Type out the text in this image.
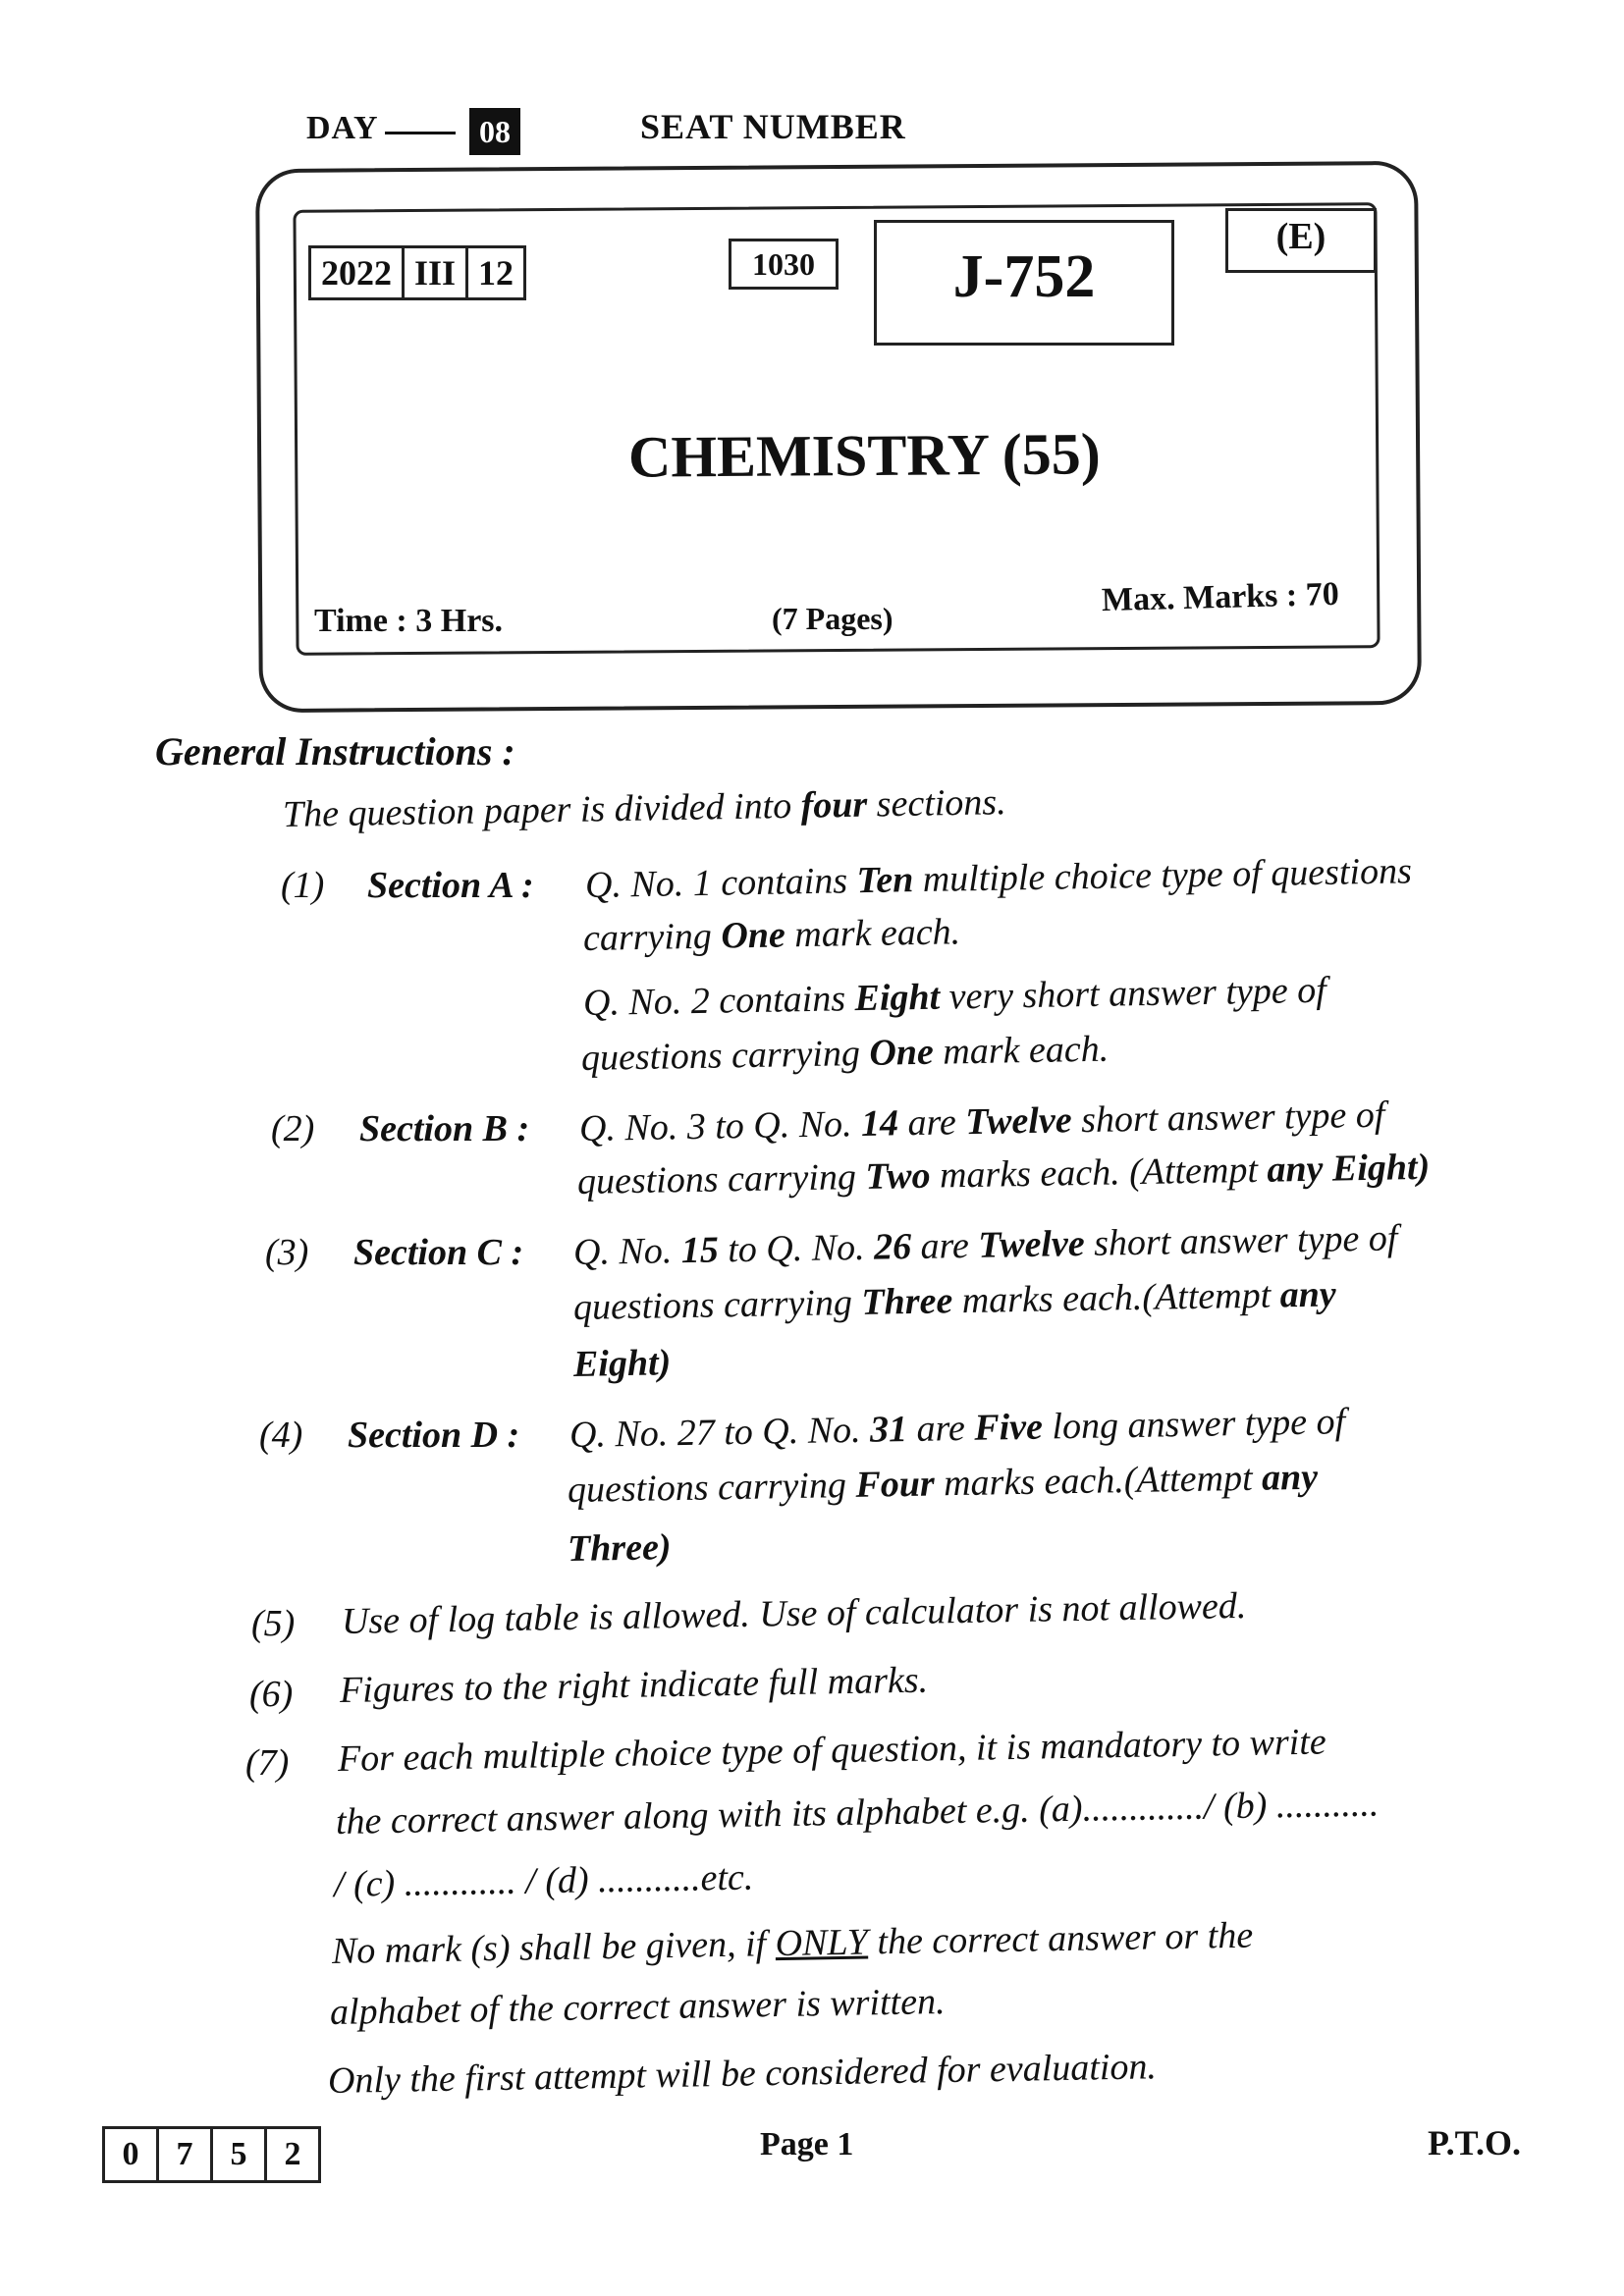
DAY	08	SEAT NUMBER
2022 III 12	1030	J-752
(E)
CHEMISTRY (55)
Time : 3 Hrs.	(7 Pages)	Max. Marks : 70
General Instructions :
The question paper is divided into four sections.
(1) Section A : Q. No. 1 contains Ten multiple choice type of questions
carrying One mark each.
Q. No. 2 contains Eight very short answer type of
questions carrying One mark each.
(2) Section B : Q. No. 3 to Q. No. 14 are Twelve short answer type of
questions carrying Two marks each. (Attempt any Eight)
(3) Section C : Q. No. 15 to Q. No. 26 are Twelve short answer type of
questions carrying Three marks each.(Attempt any
Eight)
(4) Section D : Q. No. 27 to Q. No. 31 are Five long answer type of
questions carrying Four marks each.(Attempt any
Three)
(5) Use of log table is allowed. Use of calculator is not allowed.
(6) Figures to the right indicate full marks.
(7) For each multiple choice type of question, it is mandatory to write
the correct answer along with its alphabet e.g. (a)............./ (b) ...........
/ (c) ............ / (d) ...........etc.
No mark (s) shall be given, if ONLY the correct answer or the
alphabet of the correct answer is written.
Only the first attempt will be considered for evaluation.
0	7	5	2	Page 1	P.T.O.
